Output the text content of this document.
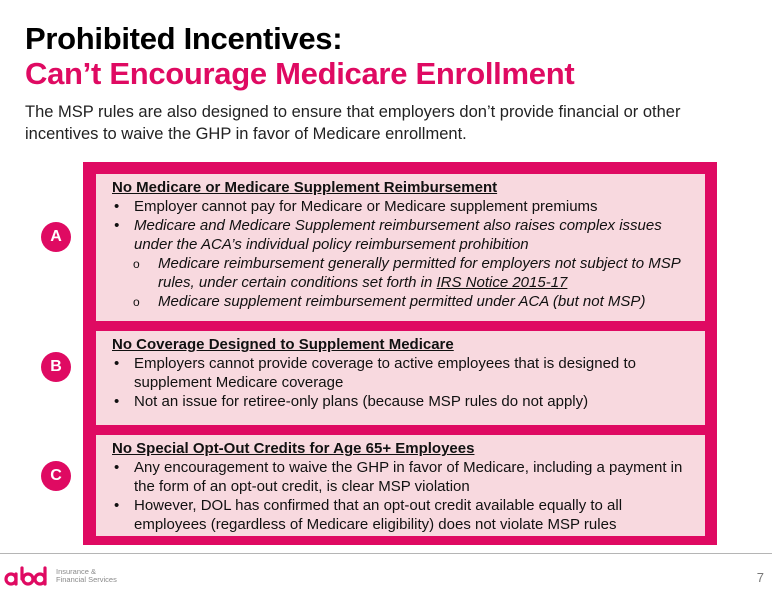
Prohibited Incentives:
Can’t Encourage Medicare Enrollment
The MSP rules are also designed to ensure that employers don’t provide financial or other incentives to waive the GHP in favor of Medicare enrollment.
A
B
C
No Medicare or Medicare Supplement Reimbursement
• Employer cannot pay for Medicare or Medicare supplement premiums
• Medicare and Medicare Supplement reimbursement also raises complex issues under the ACA’s individual policy reimbursement prohibition
o Medicare reimbursement generally permitted for employers not subject to MSP rules, under certain conditions set forth in IRS Notice 2015-17
o Medicare supplement reimbursement permitted under ACA (but not MSP)
No Coverage Designed to Supplement Medicare
• Employers cannot provide coverage to active employees that is designed to supplement Medicare coverage
• Not an issue for retiree-only plans (because MSP rules do not apply)
No Special Opt-Out Credits for Age 65+ Employees
• Any encouragement to waive the GHP in favor of Medicare, including a payment in the form of an opt-out credit, is clear MSP violation
• However, DOL has confirmed that an opt-out credit available equally to all employees (regardless of Medicare eligibility) does not violate MSP rules
Insurance &
Financial Services	7
